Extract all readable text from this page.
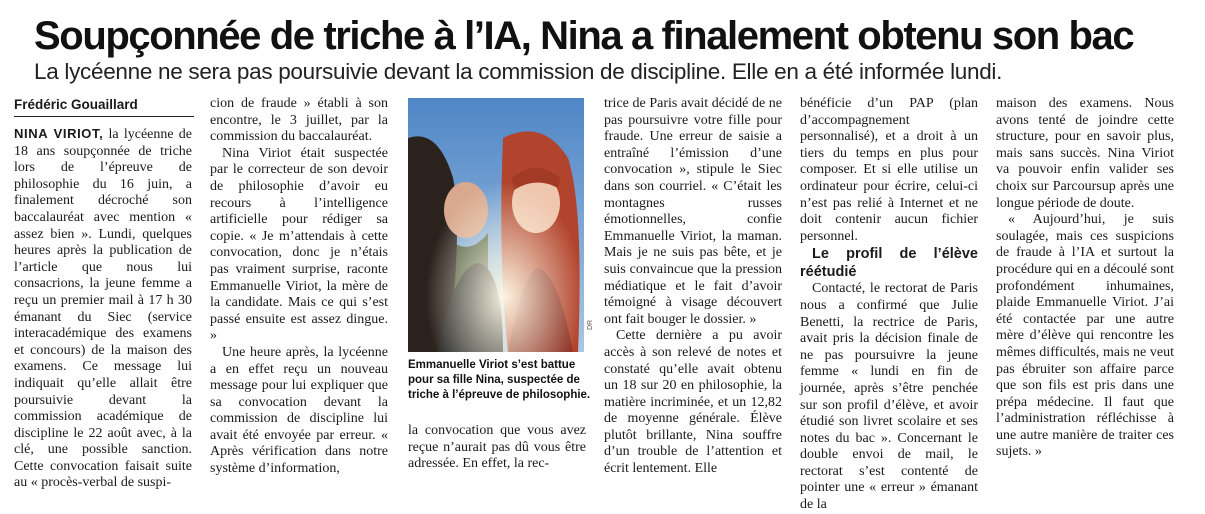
Soupçonnée de triche à l’IA, Nina a finalement obtenu son bac
La lycéenne ne sera pas poursuivie devant la commission de discipline. Elle en a été informée lundi.
Frédéric Gouaillard

NINA VIRIOT, la lycéenne de 18 ans soupçonnée de triche lors de l’épreuve de philosophie du 16 juin, a finalement décroché son baccalauréat avec mention « assez bien ». Lundi, quelques heures après la publication de l’article que nous lui consacrions, la jeune femme a reçu un premier mail à 17 h 30 émanant du Siec (service interacadémique des examens et concours) de la maison des examens. Ce message lui indiquait qu’elle allait être poursuivie devant la commission académique de discipline le 22 août avec, à la clé, une possible sanction. Cette convocation faisait suite au « procès-verbal de suspi-

cion de fraude » établi à son encontre, le 3 juillet, par la commission du baccalauréat.

Nina Viriot était suspectée par le correcteur de son devoir de philosophie d’avoir eu recours à l’intelligence artificielle pour rédiger sa copie. « Je m’attendais à cette convocation, donc je n’étais pas vraiment surprise, raconte Emmanuelle Viriot, la mère de la candidate. Mais ce qui s’est passé ensuite est assez dingue. »

Une heure après, la lycéenne a en effet reçu un nouveau message pour lui expliquer que sa convocation devant la commission de discipline lui avait été envoyée par erreur. « Après vérification dans notre système d’information,

DR
Emmanuelle Viriot s’est battue pour sa fille Nina, suspectée de triche à l’épreuve de philosophie.

la convocation que vous avez reçue n’aurait pas dû vous être adressée. En effet, la rec-

trice de Paris avait décidé de ne pas poursuivre votre fille pour fraude. Une erreur de saisie a entraîné l’émission d’une convocation », stipule le Siec dans son courriel. « C’était les montagnes russes émotionnelles, confie Emmanuelle Viriot, la maman. Mais je ne suis pas bête, et je suis convaincue que la pression médiatique et le fait d’avoir témoigné à visage découvert ont fait bouger le dossier. »

Cette dernière a pu avoir accès à son relevé de notes et constaté qu’elle avait obtenu un 18 sur 20 en philosophie, la matière incriminée, et un 12,82 de moyenne générale. Élève plutôt brillante, Nina souffre d’un trouble de l’attention et écrit lentement. Elle

bénéficie d’un PAP (plan d’accompagnement personnalisé), et a droit à un tiers du temps en plus pour composer. Et si elle utilise un ordinateur pour écrire, celui-ci n’est pas relié à Internet et ne doit contenir aucun fichier personnel.

Le profil de l’élève réétudié

Contacté, le rectorat de Paris nous a confirmé que Julie Benetti, la rectrice de Paris, avait pris la décision finale de ne pas poursuivre la jeune femme « lundi en fin de journée, après s’être penchée sur son profil d’élève, et avoir étudié son livret scolaire et ses notes du bac ». Concernant le double envoi de mail, le rectorat s’est contenté de pointer une « erreur » émanant de la

maison des examens. Nous avons tenté de joindre cette structure, pour en savoir plus, mais sans succès. Nina Viriot va pouvoir enfin valider ses choix sur Parcoursup après une longue période de doute.

« Aujourd’hui, je suis soulagée, mais ces suspicions de fraude à l’IA et surtout la procédure qui en a découlé sont profondément inhumaines, plaide Emmanuelle Viriot. J’ai été contactée par une autre mère d’élève qui rencontre les mêmes difficultés, mais ne veut pas ébruiter son affaire parce que son fils est pris dans une prépa médecine. Il faut que l’administration réfléchisse à une autre manière de traiter ces sujets. »
